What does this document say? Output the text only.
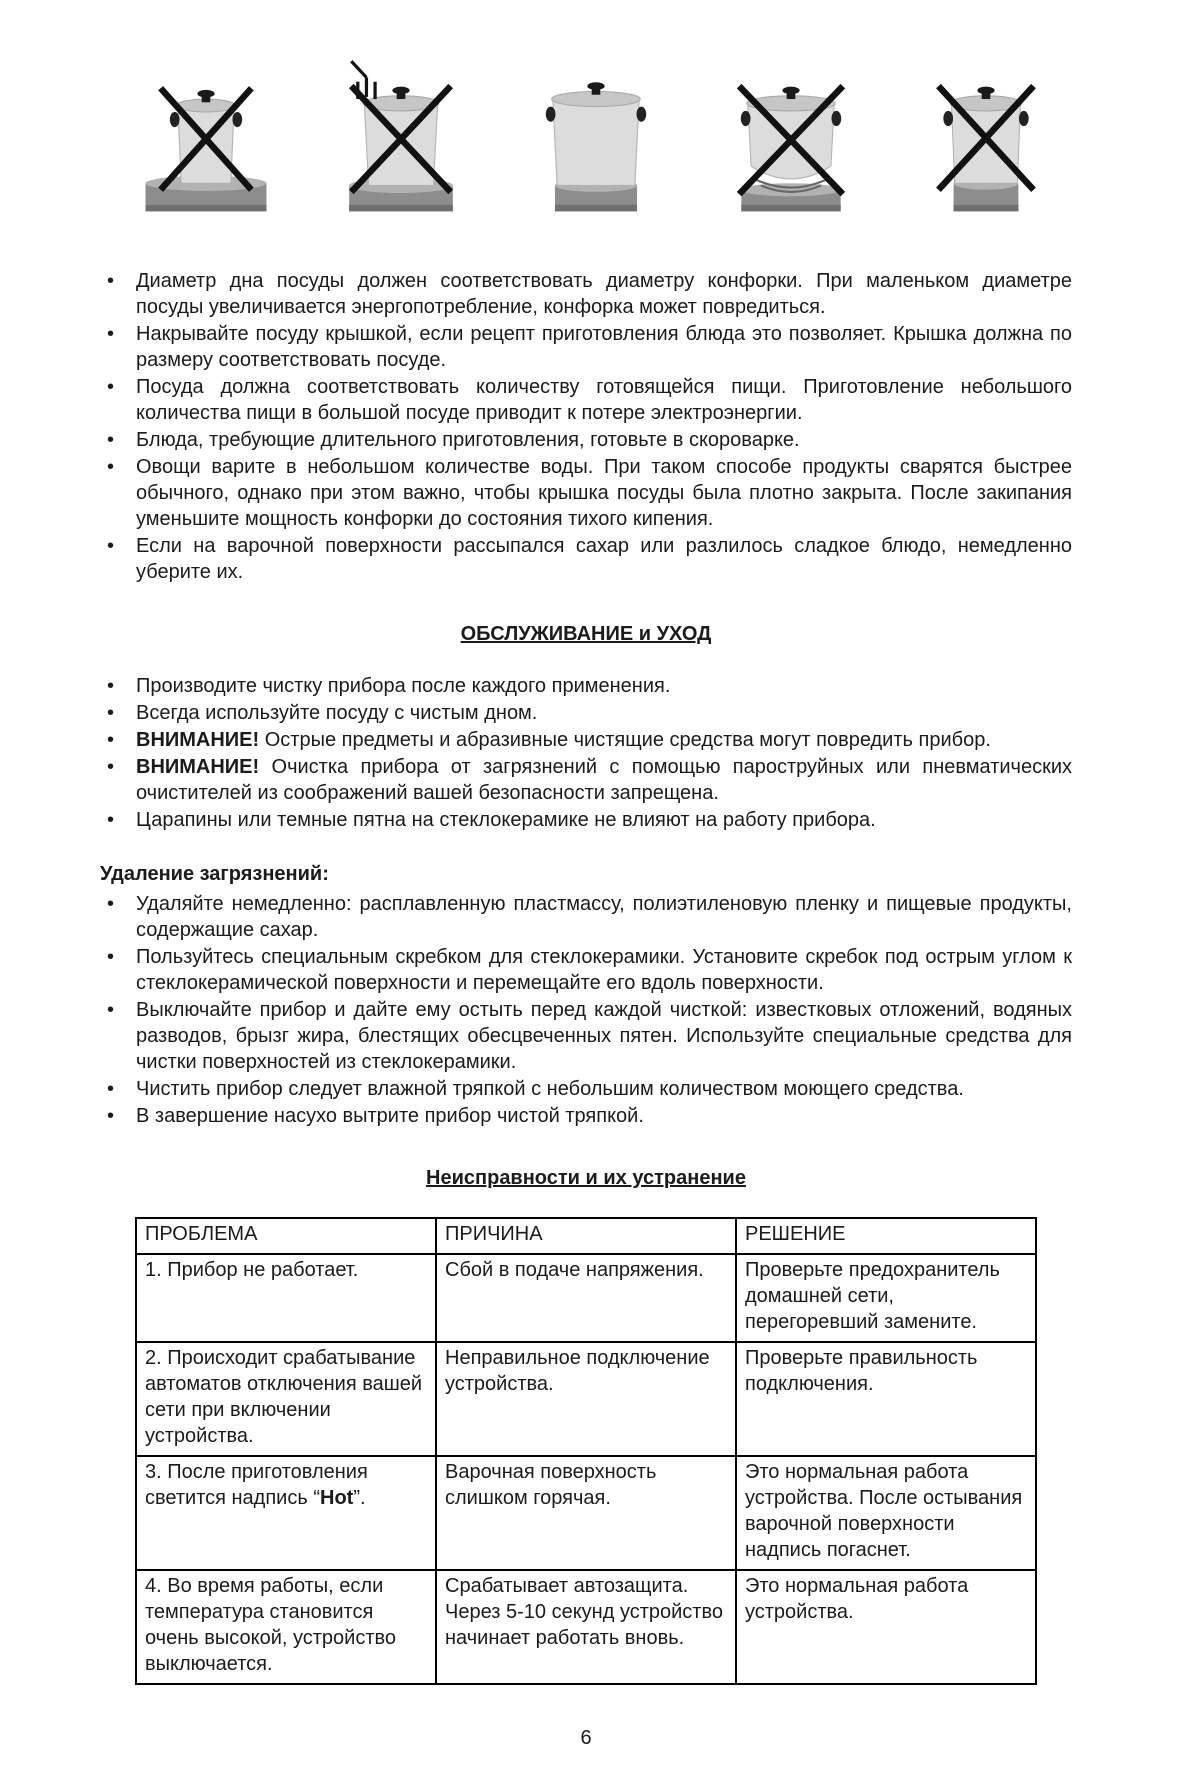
• Диаметр дна посуды должен соответствовать диаметру конфорки. При маленьком диаметре посуды увеличивается энергопотребление, конфорка может повредиться.
• Накрывайте посуду крышкой, если рецепт приготовления блюда это позволяет. Крышка должна по размеру соответствовать посуде.
• Посуда должна соответствовать количеству готовящейся пищи. Приготовление небольшого количества пищи в большой посуде приводит к потере электроэнергии.
• Блюда, требующие длительного приготовления, готовьте в скороварке.
• Овощи варите в небольшом количестве воды. При таком способе продукты сварятся быстрее обычного, однако при этом важно, чтобы крышка посуды была плотно закрыта. После закипания уменьшите мощность конфорки до состояния тихого кипения.
• Если на варочной поверхности рассыпался сахар или разлилось сладкое блюдо, немедленно уберите их.
ОБСЛУЖИВАНИЕ и УХОД
• Производите чистку прибора после каждого применения.
• Всегда используйте посуду с чистым дном.
• ВНИМАНИЕ! Острые предметы и абразивные чистящие средства могут повредить прибор.
• ВНИМАНИЕ! Очистка прибора от загрязнений с помощью пароструйных или пневматических очистителей из соображений вашей безопасности запрещена.
• Царапины или темные пятна на стеклокерамике не влияют на работу прибора.
Удаление загрязнений:
• Удаляйте немедленно: расплавленную пластмассу, полиэтиленовую пленку и пищевые продукты, содержащие сахар.
• Пользуйтесь специальным скребком для стеклокерамики. Установите скребок под острым углом к стеклокерамической поверхности и перемещайте его вдоль поверхности.
• Выключайте прибор и дайте ему остыть перед каждой чисткой: известковых отложений, водяных разводов, брызг жира, блестящих обесцвеченных пятен. Используйте специальные средства для чистки поверхностей из стеклокерамики.
• Чистить прибор следует влажной тряпкой с небольшим количеством моющего средства.
• В завершение насухо вытрите прибор чистой тряпкой.
Неисправности и их устранение
ПРОБЛЕМА	ПРИЧИНА	РЕШЕНИЕ
1. Прибор не работает.	Сбой в подаче напряжения.	Проверьте предохранитель домашней сети, перегоревший замените.
2. Происходит срабатывание автоматов отключения вашей сети при включении устройства.	Неправильное подключение устройства.	Проверьте правильность подключения.
3. После приготовления светится надпись “Hot”.	Варочная поверхность слишком горячая.	Это нормальная работа устройства. После остывания варочной поверхности надпись погаснет.
4. Во время работы, если температура становится очень высокой, устройство выключается.	Срабатывает автозащита. Через 5-10 секунд устройство начинает работать вновь.	Это нормальная работа устройства.
6
